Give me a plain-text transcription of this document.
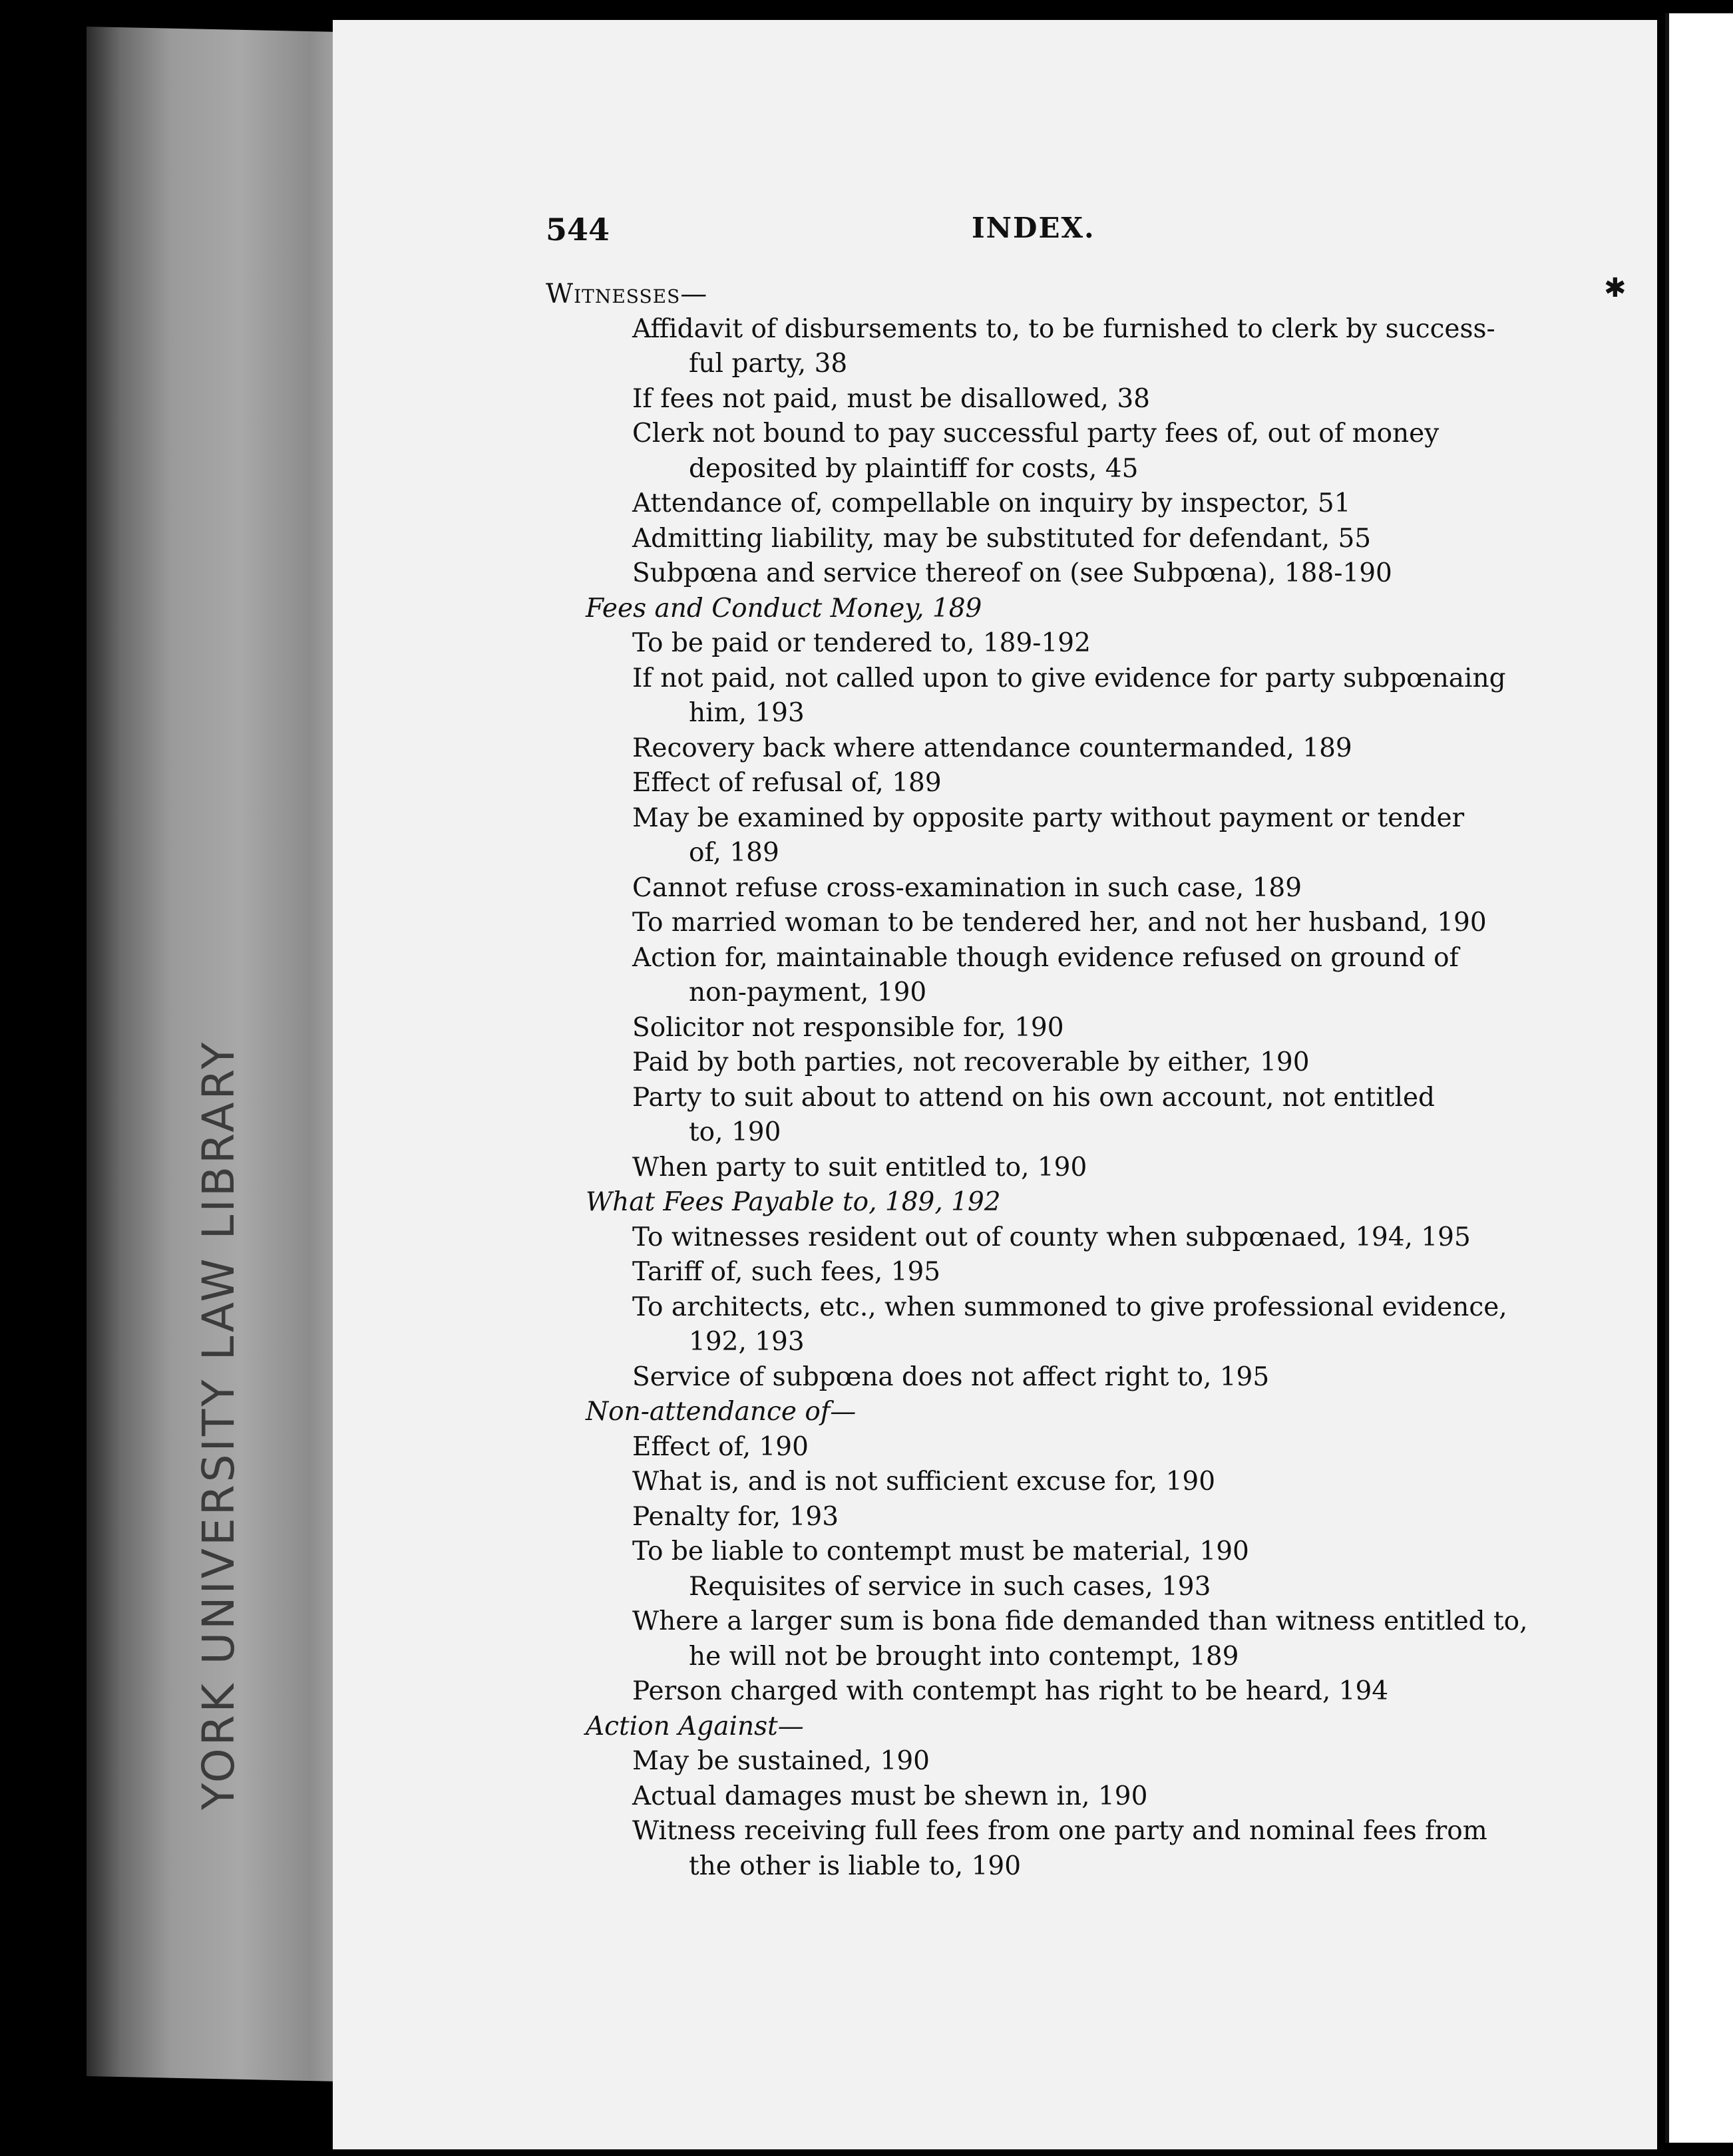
YORK UNIVERSITY LAW LIBRARY
544	INDEX.
✱
Witnesses—
Affidavit of disbursements to, to be furnished to clerk by success-
ful party, 38
If fees not paid, must be disallowed, 38
Clerk not bound to pay successful party fees of, out of money
deposited by plaintiff for costs, 45
Attendance of, compellable on inquiry by inspector, 51
Admitting liability, may be substituted for defendant, 55
Subpœna and service thereof on (see Subpœna), 188-190
Fees and Conduct Money, 189
To be paid or tendered to, 189-192
If not paid, not called upon to give evidence for party subpœnaing
him, 193
Recovery back where attendance countermanded, 189
Effect of refusal of, 189
May be examined by opposite party without payment or tender
of, 189
Cannot refuse cross-examination in such case, 189
To married woman to be tendered her, and not her husband, 190
Action for, maintainable though evidence refused on ground of
non-payment, 190
Solicitor not responsible for, 190
Paid by both parties, not recoverable by either, 190
Party to suit about to attend on his own account, not entitled
to, 190
When party to suit entitled to, 190
What Fees Payable to, 189, 192
To witnesses resident out of county when subpœnaed, 194, 195
Tariff of, such fees, 195
To architects, etc., when summoned to give professional evidence,
192, 193
Service of subpœna does not affect right to, 195
Non-attendance of—
Effect of, 190
What is, and is not sufficient excuse for, 190
Penalty for, 193
To be liable to contempt must be material, 190
Requisites of service in such cases, 193
Where a larger sum is bona fide demanded than witness entitled to,
he will not be brought into contempt, 189
Person charged with contempt has right to be heard, 194
Action Against—
May be sustained, 190
Actual damages must be shewn in, 190
Witness receiving full fees from one party and nominal fees from
the other is liable to, 190
